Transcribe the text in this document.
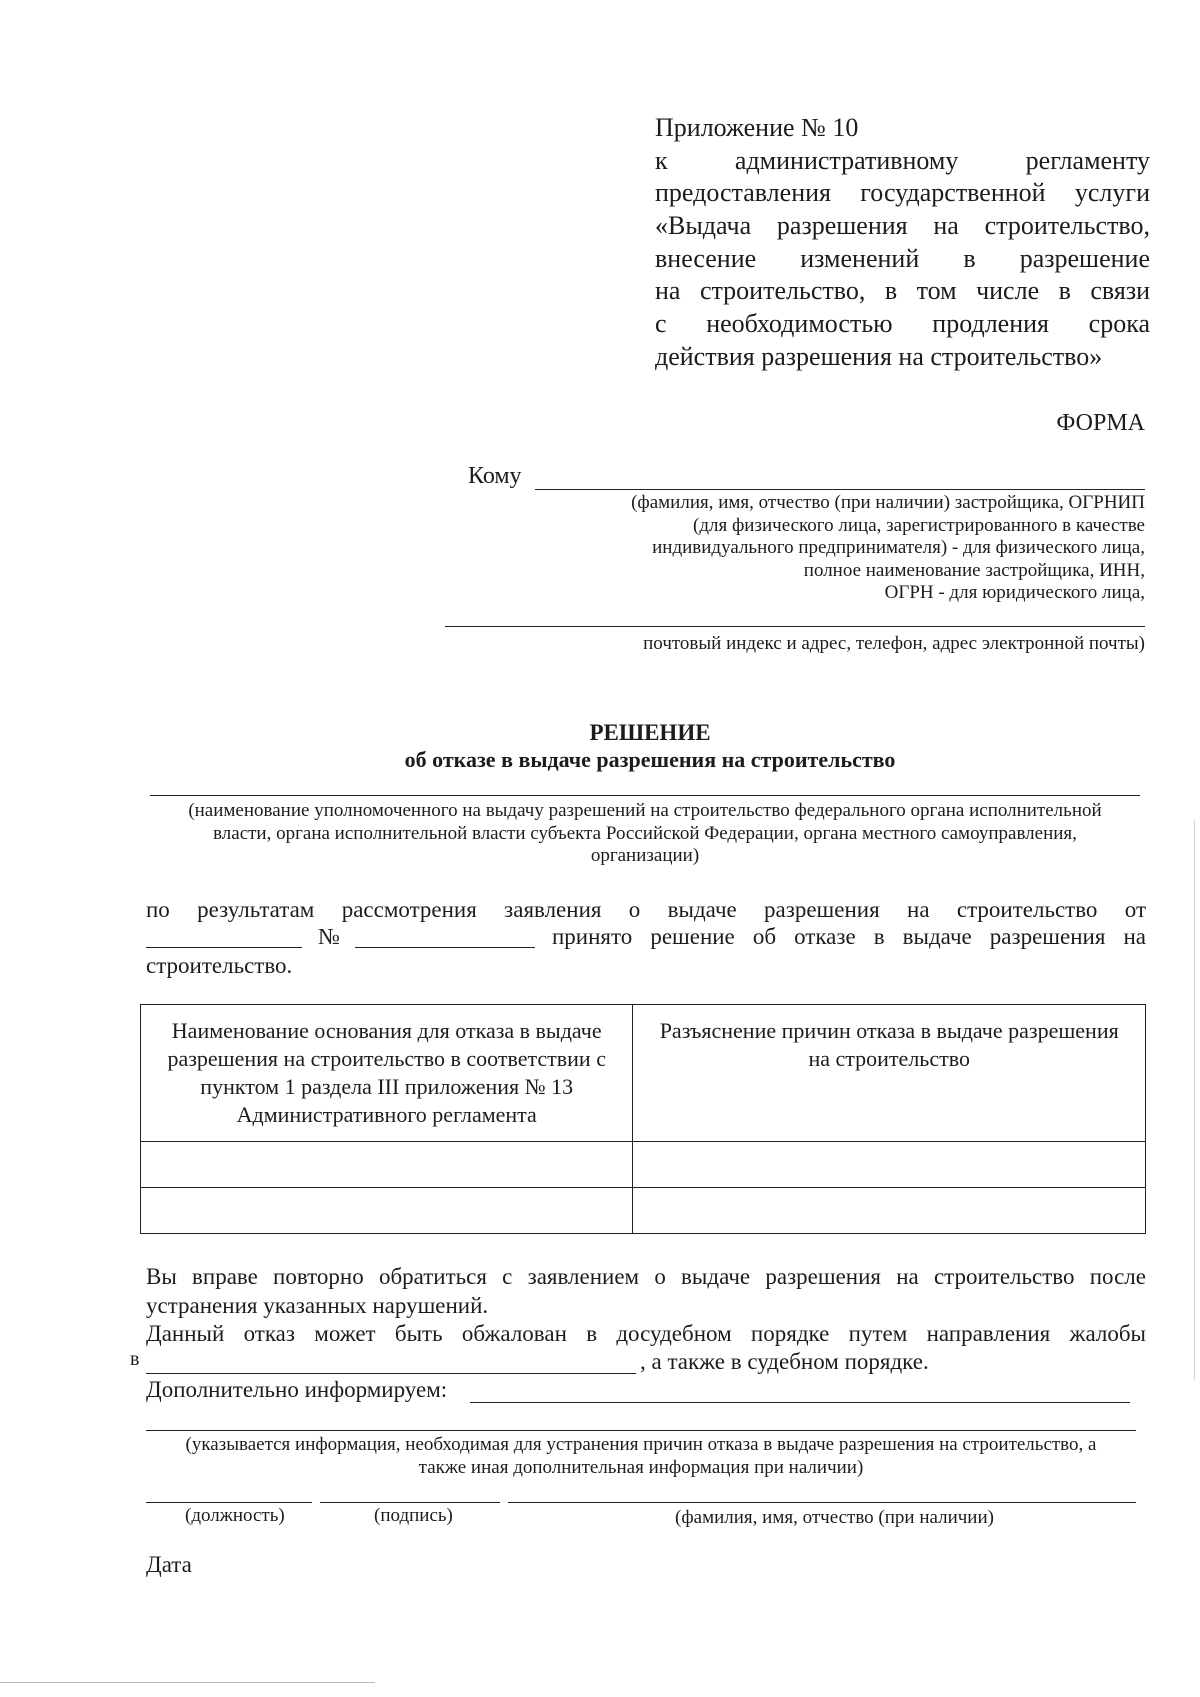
Приложение № 10
к административному регламенту
предоставления государственной услуги
«Выдача разрешения на строительство,
внесение изменений в разрешение
на строительство, в том числе в связи
с необходимостью продления срока
действия разрешения на строительство»
ФОРМА
Кому
(фамилия, имя, отчество (при наличии) застройщика, ОГРНИП
(для физического лица, зарегистрированного в качестве
индивидуального предпринимателя) - для физического лица,
полное наименование застройщика, ИНН,
ОГРН - для юридического лица,
почтовый индекс и адрес, телефон, адрес электронной почты)
РЕШЕНИЕ
об отказе в выдаче разрешения на строительство
(наименование уполномоченного на выдачу разрешений на строительство федерального органа исполнительной
власти, органа исполнительной власти субъекта Российской Федерации, органа местного самоуправления,
организации)
по результатам рассмотрения заявления о выдаче разрешения на строительство от
№	принято решение об отказе в выдаче разрешения на
строительство.
Наименование основания для отказа в выдаче разрешения на строительство в соответствии с пунктом 1 раздела III приложения № 13 Административного регламента	Разъяснение причин отказа в выдаче разрешения на строительство

Вы вправе повторно обратиться с заявлением о выдаче разрешения на строительство после
устранения указанных нарушений.
Данный отказ может быть обжалован в досудебном порядке путем направления жалобы
в	, а также в судебном порядке.
Дополнительно информируем:
(указывается информация, необходимая для устранения причин отказа в выдаче разрешения на строительство, а
также иная дополнительная информация при наличии)
(должность)	(подпись)	(фамилия, имя, отчество (при наличии)
Дата
